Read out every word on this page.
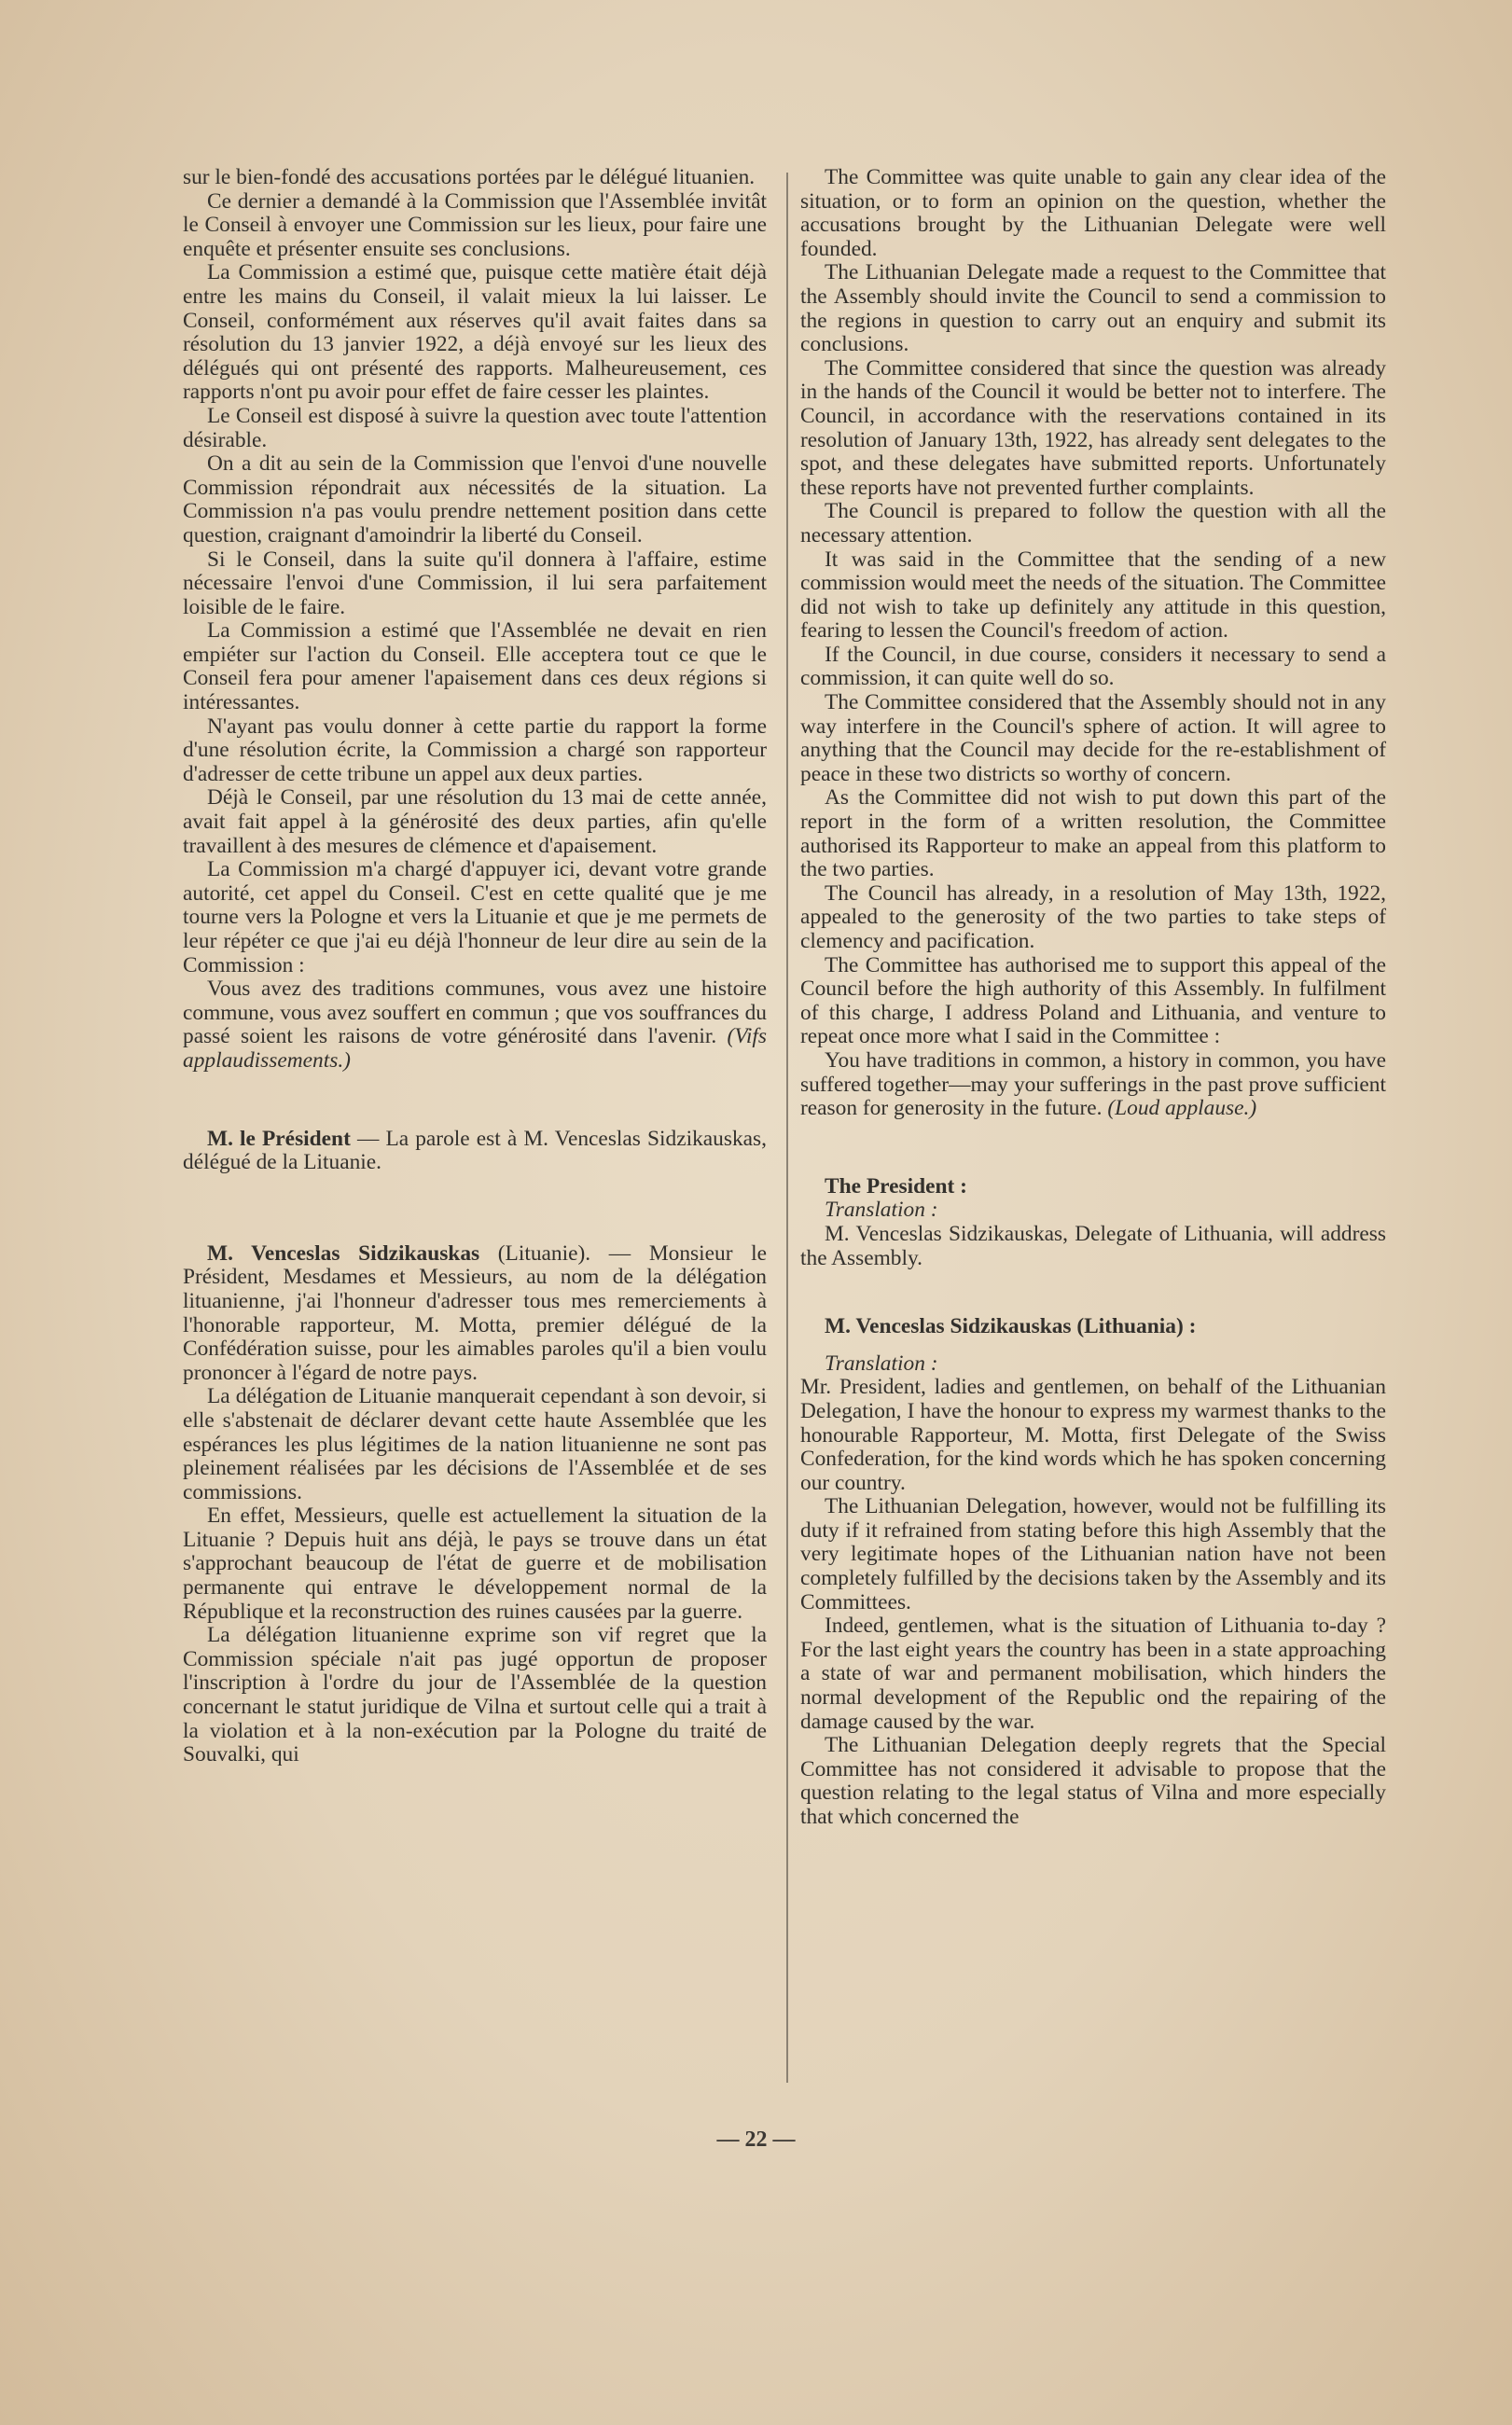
sur le bien-fondé des accusations portées par le délégué lituanien.

Ce dernier a demandé à la Commission que l'Assemblée invitât le Conseil à envoyer une Commission sur les lieux, pour faire une enquête et présenter ensuite ses conclusions.

La Commission a estimé que, puisque cette matière était déjà entre les mains du Conseil, il valait mieux la lui laisser. Le Conseil, conformément aux réserves qu'il avait faites dans sa résolution du 13 janvier 1922, a déjà envoyé sur les lieux des délégués qui ont présenté des rapports. Malheureusement, ces rapports n'ont pu avoir pour effet de faire cesser les plaintes.

Le Conseil est disposé à suivre la question avec toute l'attention désirable.

On a dit au sein de la Commission que l'envoi d'une nouvelle Commission répondrait aux nécessités de la situation. La Commission n'a pas voulu prendre nettement position dans cette question, craignant d'amoindrir la liberté du Conseil.

Si le Conseil, dans la suite qu'il donnera à l'affaire, estime nécessaire l'envoi d'une Commission, il lui sera parfaitement loisible de le faire.

La Commission a estimé que l'Assemblée ne devait en rien empiéter sur l'action du Conseil. Elle acceptera tout ce que le Conseil fera pour amener l'apaisement dans ces deux régions si intéressantes.

N'ayant pas voulu donner à cette partie du rapport la forme d'une résolution écrite, la Commission a chargé son rapporteur d'adresser de cette tribune un appel aux deux parties.

Déjà le Conseil, par une résolution du 13 mai de cette année, avait fait appel à la générosité des deux parties, afin qu'elle travaillent à des mesures de clémence et d'apaisement.

La Commission m'a chargé d'appuyer ici, devant votre grande autorité, cet appel du Conseil. C'est en cette qualité que je me tourne vers la Pologne et vers la Lituanie et que je me permets de leur répéter ce que j'ai eu déjà l'honneur de leur dire au sein de la Commission :

Vous avez des traditions communes, vous avez une histoire commune, vous avez souffert en commun ; que vos souffrances du passé soient les raisons de votre générosité dans l'avenir. (Vifs applaudissements.)

M. le Président — La parole est à M. Venceslas Sidzikauskas, délégué de la Lituanie.

M. Venceslas Sidzikauskas (Lituanie). — Monsieur le Président, Mesdames et Messieurs, au nom de la délégation lituanienne, j'ai l'honneur d'adresser tous mes remerciements à l'honorable rapporteur, M. Motta, premier délégué de la Confédération suisse, pour les aimables paroles qu'il a bien voulu prononcer à l'égard de notre pays.

La délégation de Lituanie manquerait cependant à son devoir, si elle s'abstenait de déclarer devant cette haute Assemblée que les espérances les plus légitimes de la nation lituanienne ne sont pas pleinement réalisées par les décisions de l'Assemblée et de ses commissions.

En effet, Messieurs, quelle est actuellement la situation de la Lituanie ? Depuis huit ans déjà, le pays se trouve dans un état s'approchant beaucoup de l'état de guerre et de mobilisation permanente qui entrave le développement normal de la République et la reconstruction des ruines causées par la guerre.

La délégation lituanienne exprime son vif regret que la Commission spéciale n'ait pas jugé opportun de proposer l'inscription à l'ordre du jour de l'Assemblée de la question concernant le statut juridique de Vilna et surtout celle qui a trait à la violation et à la non-exécution par la Pologne du traité de Souvalki, qui

The Committee was quite unable to gain any clear idea of the situation, or to form an opinion on the question, whether the accusations brought by the Lithuanian Delegate were well founded.

The Lithuanian Delegate made a request to the Committee that the Assembly should invite the Council to send a commission to the regions in question to carry out an enquiry and submit its conclusions.

The Committee considered that since the question was already in the hands of the Council it would be better not to interfere. The Council, in accordance with the reservations contained in its resolution of January 13th, 1922, has already sent delegates to the spot, and these delegates have submitted reports. Unfortunately these reports have not prevented further complaints.

The Council is prepared to follow the question with all the necessary attention.

It was said in the Committee that the sending of a new commission would meet the needs of the situation. The Committee did not wish to take up definitely any attitude in this question, fearing to lessen the Council's freedom of action.

If the Council, in due course, considers it necessary to send a commission, it can quite well do so.

The Committee considered that the Assembly should not in any way interfere in the Council's sphere of action. It will agree to anything that the Council may decide for the re-establishment of peace in these two districts so worthy of concern.

As the Committee did not wish to put down this part of the report in the form of a written resolution, the Committee authorised its Rapporteur to make an appeal from this platform to the two parties.

The Council has already, in a resolution of May 13th, 1922, appealed to the generosity of the two parties to take steps of clemency and pacification.

The Committee has authorised me to support this appeal of the Council before the high authority of this Assembly. In fulfilment of this charge, I address Poland and Lithuania, and venture to repeat once more what I said in the Committee :

You have traditions in common, a history in common, you have suffered together—may your sufferings in the past prove sufficient reason for generosity in the future. (Loud applause.)

The President :

Translation :

M. Venceslas Sidzikauskas, Delegate of Lithuania, will address the Assembly.

M. Venceslas Sidzikauskas (Lithuania) :

Translation :

Mr. President, ladies and gentlemen, on behalf of the Lithuanian Delegation, I have the honour to express my warmest thanks to the honourable Rapporteur, M. Motta, first Delegate of the Swiss Confederation, for the kind words which he has spoken concerning our country.

The Lithuanian Delegation, however, would not be fulfilling its duty if it refrained from stating before this high Assembly that the very legitimate hopes of the Lithuanian nation have not been completely fulfilled by the decisions taken by the Assembly and its Committees.

Indeed, gentlemen, what is the situation of Lithuania to-day ? For the last eight years the country has been in a state approaching a state of war and permanent mobilisation, which hinders the normal development of the Republic ond the repairing of the damage caused by the war.

The Lithuanian Delegation deeply regrets that the Special Committee has not considered it advisable to propose that the question relating to the legal status of Vilna and more especially that which concerned the

— 22 —
